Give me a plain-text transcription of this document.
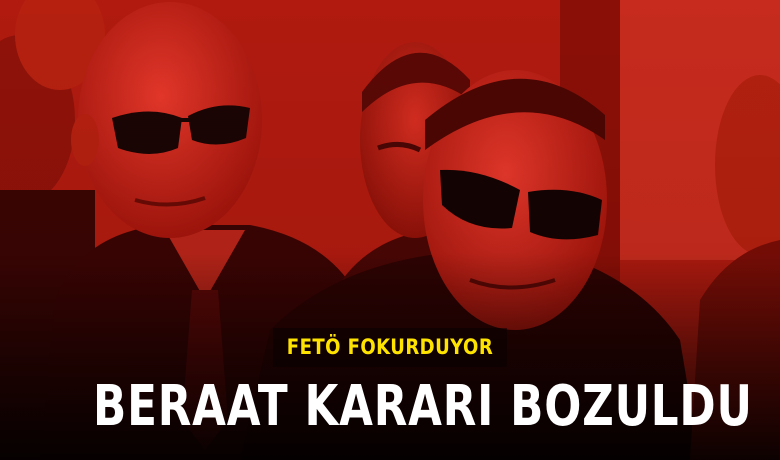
FETÖ FOKURDUYOR
BERAAT KARARI BOZULDU
